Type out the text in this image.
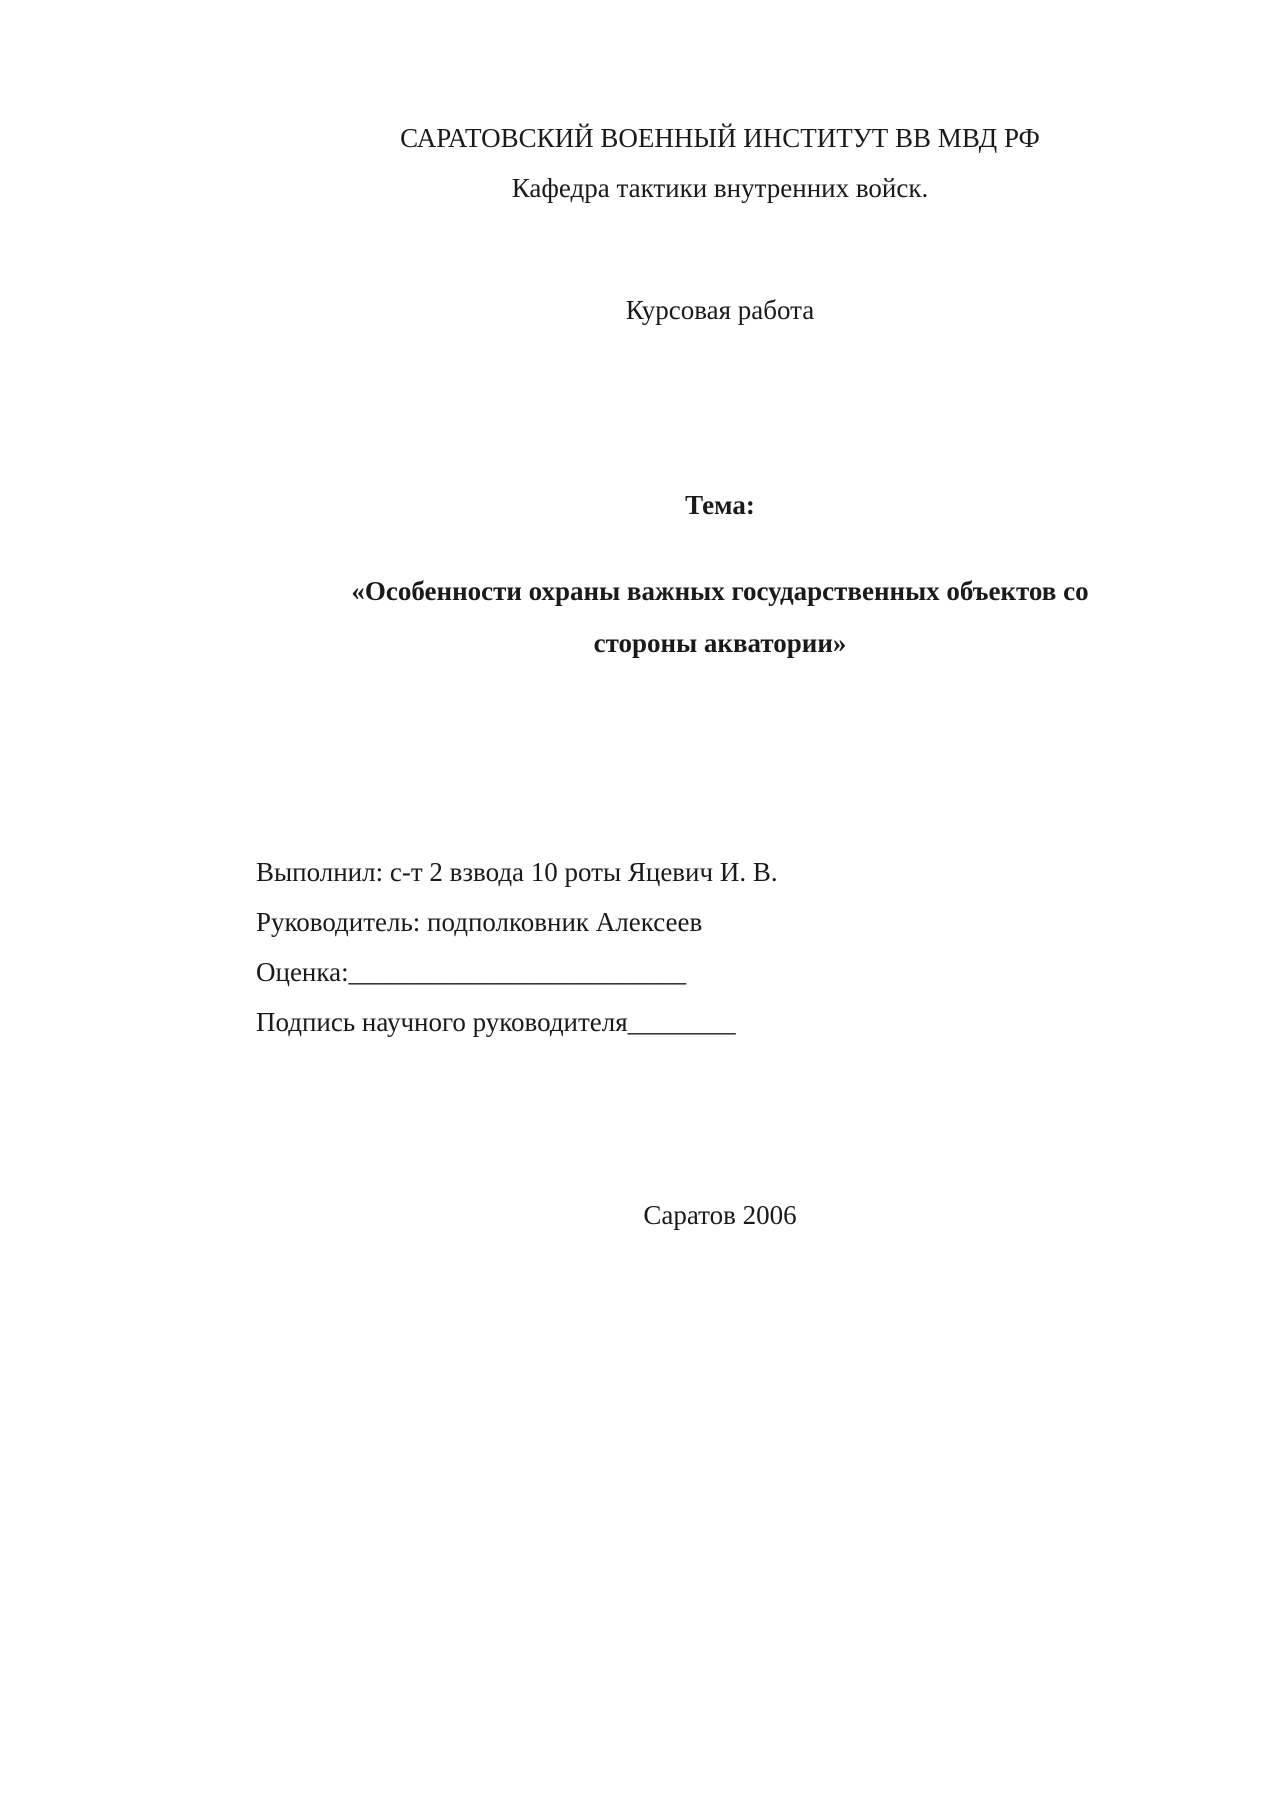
САРАТОВСКИЙ ВОЕННЫЙ ИНСТИТУТ ВВ МВД РФ
Кафедра тактики внутренних войск.
Курсовая работа
Тема:
«Особенности охраны важных государственных объектов со
стороны акватории»
Выполнил: с-т 2 взвода 10 роты Яцевич И. В.
Руководитель: подполковник Алексеев
Оценка:_________________________
Подпись научного руководителя________
Саратов 2006
